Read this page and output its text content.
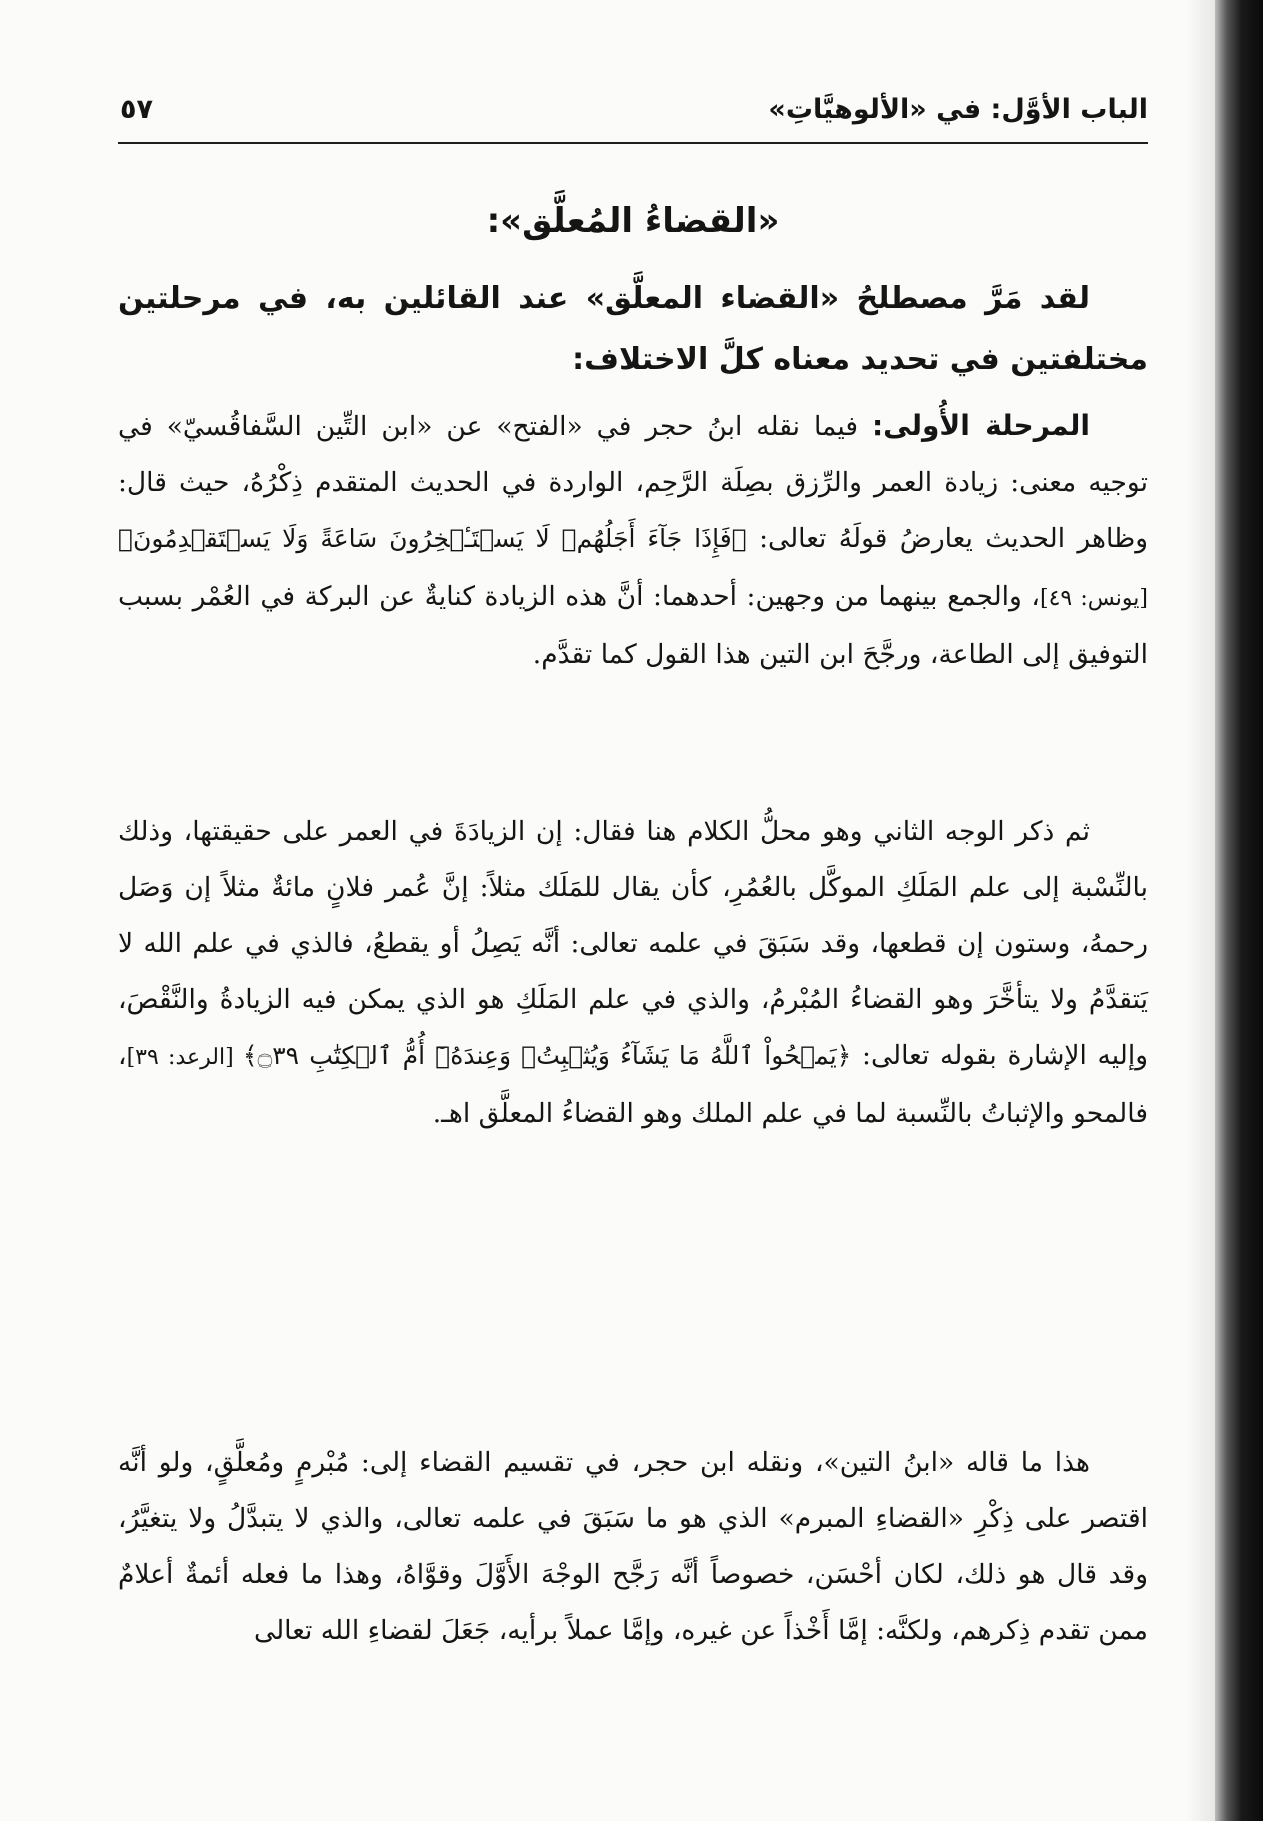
الباب الأوَّل: في «الألوهيَّاتِ»
٥٧
«القضاءُ المُعلَّق»:

لقد مَرَّ مصطلحُ «القضاء المعلَّق» عند القائلين به، في مرحلتين مختلفتين في تحديد معناه كلَّ الاختلاف:

المرحلة الأُولى: فيما نقله ابنُ حجر في «الفتح» عن «ابن التِّين السَّفاقُسيّ» في توجيه معنى: زيادة العمر والرِّزق بصِلَة الرَّحِم، الواردة في الحديث المتقدم ذِكْرُهُ، حيث قال: وظاهر الحديث يعارضُ قولَهُ تعالى: ﴿فَإِذَا جَآءَ أَجَلُهُمۡ لَا يَسۡتَـٔۡخِرُونَ سَاعَةً وَلَا يَسۡتَقۡدِمُونَ﴾ [يونس: ٤٩]، والجمع بينهما من وجهين: أحدهما: أنَّ هذه الزيادة كنايةٌ عن البركة في العُمْر بسبب التوفيق إلى الطاعة، ورجَّحَ ابن التين هذا القول كما تقدَّم.

ثم ذكر الوجه الثاني وهو محلُّ الكلام هنا فقال: إن الزيادَةَ في العمر على حقيقتها، وذلك بالنِّسْبة إلى علم المَلَكِ الموكَّل بالعُمُرِ، كأن يقال للمَلَك مثلاً: إنَّ عُمر فلانٍ مائةٌ مثلاً إن وَصَل رحمهُ، وستون إن قطعها، وقد سَبَقَ في علمه تعالى: أنَّه يَصِلُ أو يقطعُ، فالذي في علم الله لا يَتقدَّمُ ولا يتأخَّرَ وهو القضاءُ المُبْرمُ، والذي في علم المَلَكِ هو الذي يمكن فيه الزيادةُ والنَّقْصَ، وإليه الإشارة بقوله تعالى: ﴿يَمۡحُواْ ٱللَّهُ مَا يَشَآءُ وَيُثۡبِتُۖ وَعِندَهُۥٓ أُمُّ ٱلۡكِتَٰبِ ۝٣٩﴾ [الرعد: ٣٩]، فالمحو والإثباتُ بالنِّسبة لما في علم الملك وهو القضاءُ المعلَّق اهـ.

هذا ما قاله «ابنُ التين»، ونقله ابن حجر، في تقسيم القضاء إلى: مُبْرمٍ ومُعلَّقٍ، ولو أنَّه اقتصر على ذِكْرِ «القضاءِ المبرم» الذي هو ما سَبَقَ في علمه تعالى، والذي لا يتبدَّلُ ولا يتغيَّرُ، وقد قال هو ذلك، لكان أحْسَن، خصوصاً أنَّه رَجَّح الوجْهَ الأَوَّلَ وقوَّاهُ، وهذا ما فعله أئمةٌ أعلامٌ ممن تقدم ذِكرهم، ولكنَّه: إمَّا أَخْذاً عن غيره، وإمَّا عملاً برأيه، جَعَلَ لقضاءِ الله تعالى
